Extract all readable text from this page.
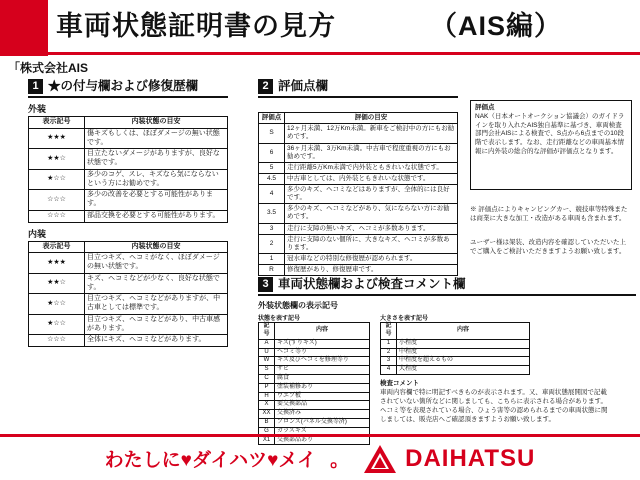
車両状態証明書の見方	（AIS編）
「株式会社AIS
1 ★の付与欄および修復歴欄
外装
表示記号	内装状態の目安
★★★	傷キズもしくは、ほぼダメージの無い状態です。
★★☆	目立たないダメージがありますが、良好な状態です。
★☆☆	多少のコゲ、スレ、キズなら気にならないという方にお勧めです。
☆☆☆	多少の改善を必要とする可能性があります。
☆☆☆	部品交換を必要とする可能性があります。
内装
表示記号	内装状態の目安
★★★	目立つキズ、ヘコミがなく、ほぼダメージの無い状態です。
★★☆	キズ、ヘコミなどが少なく、良好な状態です。
★☆☆	目立つキズ、ヘコミなどがありますが、中古車としては標準です。
★☆☆	目立つキズ、ヘコミなどがあり、中古車感があります。
☆☆☆	全体にキズ、ヘコミなどがあります。
2 評価点欄
評価点	評価の目安
S	12ヶ月未満、12万Km未満。新車をご検討中の方にもお勧めです。
6	36ヶ月未満、3万Km未満。中古車で程度重視の方にもお勧めです。
5	走行距離5万Km未満で内外装ともきれいな状態です。
4.5	中古車としては、内外装ともきれいな状態です。
4	多少のキズ、ヘコミなどはありますが、全体的には良好です。
3.5	多少のキズ、ヘコミなどがあり、気にならない方にお勧めです。
3	走行に支障の無いキズ、ヘコミが多数あります。
2	走行に支障のない個所に、大きなキズ、ヘコミが多数あります。
1	冠水車などの特別な修復歴が認められます。
R	修復歴があり、修復歴車です。
評価点
NAK（日本オートオークション協議会）のガイドラインを取り入れたAIS独自基準に基づき、車両検査部門会社AISによる検査で、S点から6点までの10段階で表示します。なお、走行距離などの車両基本情報に内外装の総合的な評価が評価点となります。
※ 評価点によりキャンピングカー、競技車等特殊または商業に大きな加工・改造がある車両も含まれます。
ユーザー様は架装、改造内容を確認していただいた上でご購入をご検討いただきますようお願い致します。
3 車両状態欄および検査コメント欄
外装状態欄の表示記号
状態を表す記号
記号	内容
A	キズ(すりキズ)
U	ヘコミ等り
W	キズ及びヘコミを修理等り
S	サビ
C	腐食
P	塗装補修あり
H	ウエブ板
X	要交換部品
XX	交換済み
B	ブロンズ(パネル交換等済)
G	ガラスキズ
X1	交換部品あり
大きさを表す記号
記号	内容
1	小程度
2	中程度
3	中程度を超えるもの
4	大程度
検査コメント
車両内容欄で特に明記すべきものが表示されます。又、車両状態展開図で記載されていない箇所などに関しましても、こちらに表示される場合があります。ヘコミ等を表現されている場合、ひょう害等の認められるまでの車両状態に関しましては、販売店へご確認頂きますようお願い致します。
わたしに♥ダイハツ♥メイ 。 DAIHATSU
